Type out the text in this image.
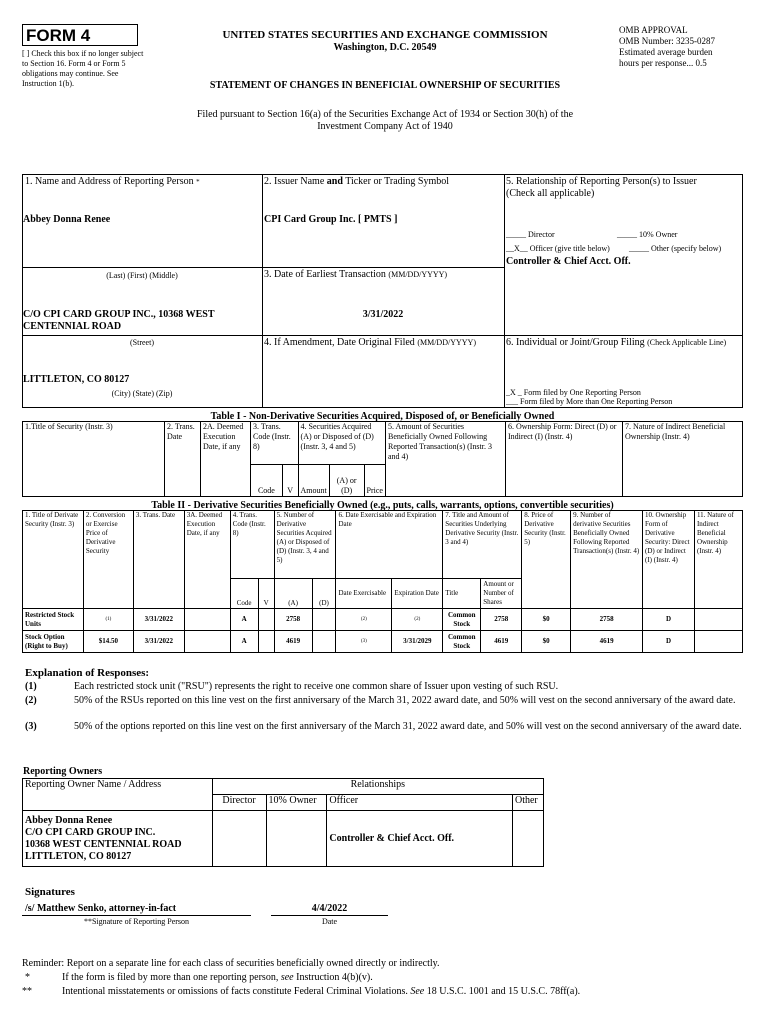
FORM 4
[ ] Check this box if no longer subject to Section 16. Form 4 or Form 5 obligations may continue. See Instruction 1(b).
UNITED STATES SECURITIES AND EXCHANGE COMMISSION
Washington, D.C. 20549
STATEMENT OF CHANGES IN BENEFICIAL OWNERSHIP OF SECURITIES
OMB APPROVAL
OMB Number: 3235-0287
Estimated average burden
hours per response... 0.5
Filed pursuant to Section 16(a) of the Securities Exchange Act of 1934 or Section 30(h) of the
Investment Company Act of 1940
1. Name and Address of Reporting Person *
Abbey Donna Renee
(Last) (First) (Middle)
C/O CPI CARD GROUP INC., 10368 WEST CENTENNIAL ROAD
(Street)
LITTLETON, CO 80127
(City) (State) (Zip)
2. Issuer Name and Ticker or Trading Symbol
CPI Card Group Inc. [ PMTS ]
3. Date of Earliest Transaction (MM/DD/YYYY)
3/31/2022
4. If Amendment, Date Original Filed (MM/DD/YYYY)
5. Relationship of Reporting Person(s) to Issuer
(Check all applicable)
_____ Director	_____ 10% Owner
__X__ Officer (give title below) _____ Other (specify below)
Controller & Chief Acct. Off.
6. Individual or Joint/Group Filing (Check Applicable Line)
_X _ Form filed by One Reporting Person
___ Form filed by More than One Reporting Person
Table I - Non-Derivative Securities Acquired, Disposed of, or Beneficially Owned
1.Title of Security (Instr. 3)	2. Trans. Date	2A. Deemed Execution Date, if any	3. Trans. Code (Instr. 8)		4. Securities Acquired (A) or Disposed of (D) (Instr. 3, 4 and 5)			5. Amount of Securities Beneficially Owned Following Reported Transaction(s) (Instr. 3 and 4)	6. Ownership Form: Direct (D) or Indirect (I) (Instr. 4)	7. Nature of Indirect Beneficial Ownership (Instr. 4)
			Code	V	Amount	(A) or (D)	Price			
Table II - Derivative Securities Beneficially Owned (e.g., puts, calls, warrants, options, convertible securities)
1. Title of Derivate Security (Instr. 3)	2. Conversion or Exercise Price of Derivative Security	3. Trans. Date	3A. Deemed Execution Date, if any	4. Trans. Code (Instr. 8)		5. Number of Derivative Securities Acquired (A) or Disposed of (D) (Instr. 3, 4 and 5)		6. Date Exercisable and Expiration Date		7. Title and Amount of Securities Underlying Derivative Security (Instr. 3 and 4)		8. Price of Derivative Security (Instr. 5)	9. Number of derivative Securities Beneficially Owned Following Reported Transaction(s) (Instr. 4)	10. Ownership Form of Derivative Security: Direct (D) or Indirect (I) (Instr. 4)	11. Nature of Indirect Beneficial Ownership (Instr. 4)
				Code	V	(A)	(D)	Date Exercisable	Expiration Date	Title	Amount or Number of Shares				
Restricted Stock Units	(1)	3/31/2022		A		2758		(2)	(2)	Common Stock	2758	$0	2758	D	
Stock Option (Right to Buy)	$14.50	3/31/2022		A		4619		(3)	3/31/2029	Common Stock	4619	$0	4619	D	
Explanation of Responses:
(1)	Each restricted stock unit ("RSU") represents the right to receive one common share of Issuer upon vesting of such RSU.
(2)	50% of the RSUs reported on this line vest on the first anniversary of the March 31, 2022 award date, and 50% will vest on the second anniversary of the award date.
(3)	50% of the options reported on this line vest on the first anniversary of the March 31, 2022 award date, and 50% will vest on the second anniversary of the award date.
Reporting Owners
Reporting Owner Name / Address	Relationships			
	Director	10% Owner	Officer	Other

Abbey Donna Renee
C/O CPI CARD GROUP INC.
10368 WEST CENTENNIAL ROAD
LITTLETON, CO 80127			Controller & Chief Acct. Off.	
Signatures
/s/ Matthew Senko, attorney-in-fact	4/4/2022
**Signature of Reporting Person	Date
Reminder: Report on a separate line for each class of securities beneficially owned directly or indirectly.
*	If the form is filed by more than one reporting person, see Instruction 4(b)(v).
**	Intentional misstatements or omissions of facts constitute Federal Criminal Violations. See 18 U.S.C. 1001 and 15 U.S.C. 78ff(a).
